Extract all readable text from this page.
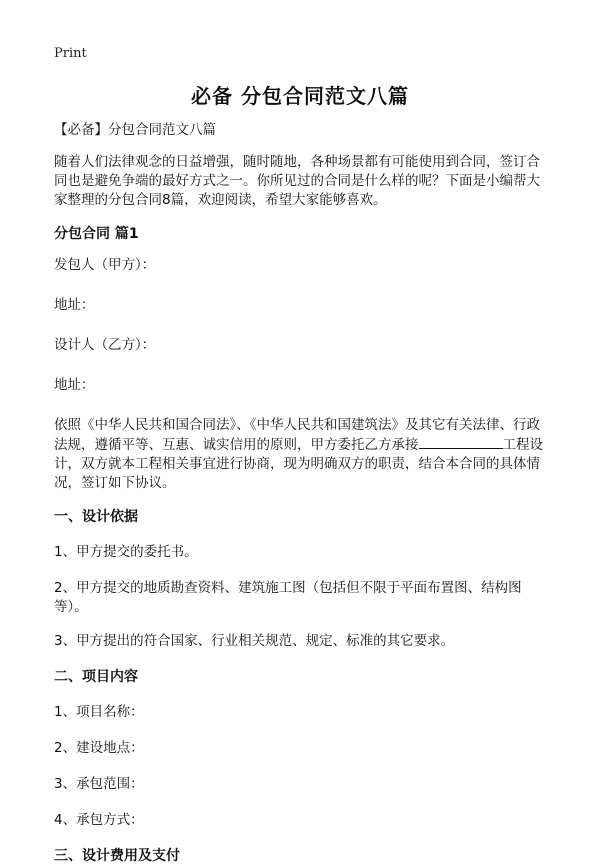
Print
必备 分包合同范文八篇

【必备】分包合同范文八篇

随着人们法律观念的日益增强，随时随地，各种场景都有可能使用到合同，签订合同也是避免争端的最好方式之一。你所见过的合同是什么样的呢？下面是小编帮大家整理的分包合同8篇，欢迎阅读，希望大家能够喜欢。

分包合同 篇1

发包人（甲方）：

地址：

设计人（乙方）：

地址：

依照《中华人民共和国合同法》、《中华人民共和国建筑法》及其它有关法律、行政法规，遵循平等、互惠、诚实信用的原则，甲方委托乙方承接	工程设计，双方就本工程相关事宜进行协商，现为明确双方的职责，结合本合同的具体情况，签订如下协议。

一、设计依据

1、甲方提交的委托书。

2、甲方提交的地质勘查资料、建筑施工图（包括但不限于平面布置图、结构图等）。

3、甲方提出的符合国家、行业相关规范、规定、标准的其它要求。

二、项目内容

1、项目名称：

2、建设地点：

3、承包范围：

4、承包方式：

三、设计费用及支付
